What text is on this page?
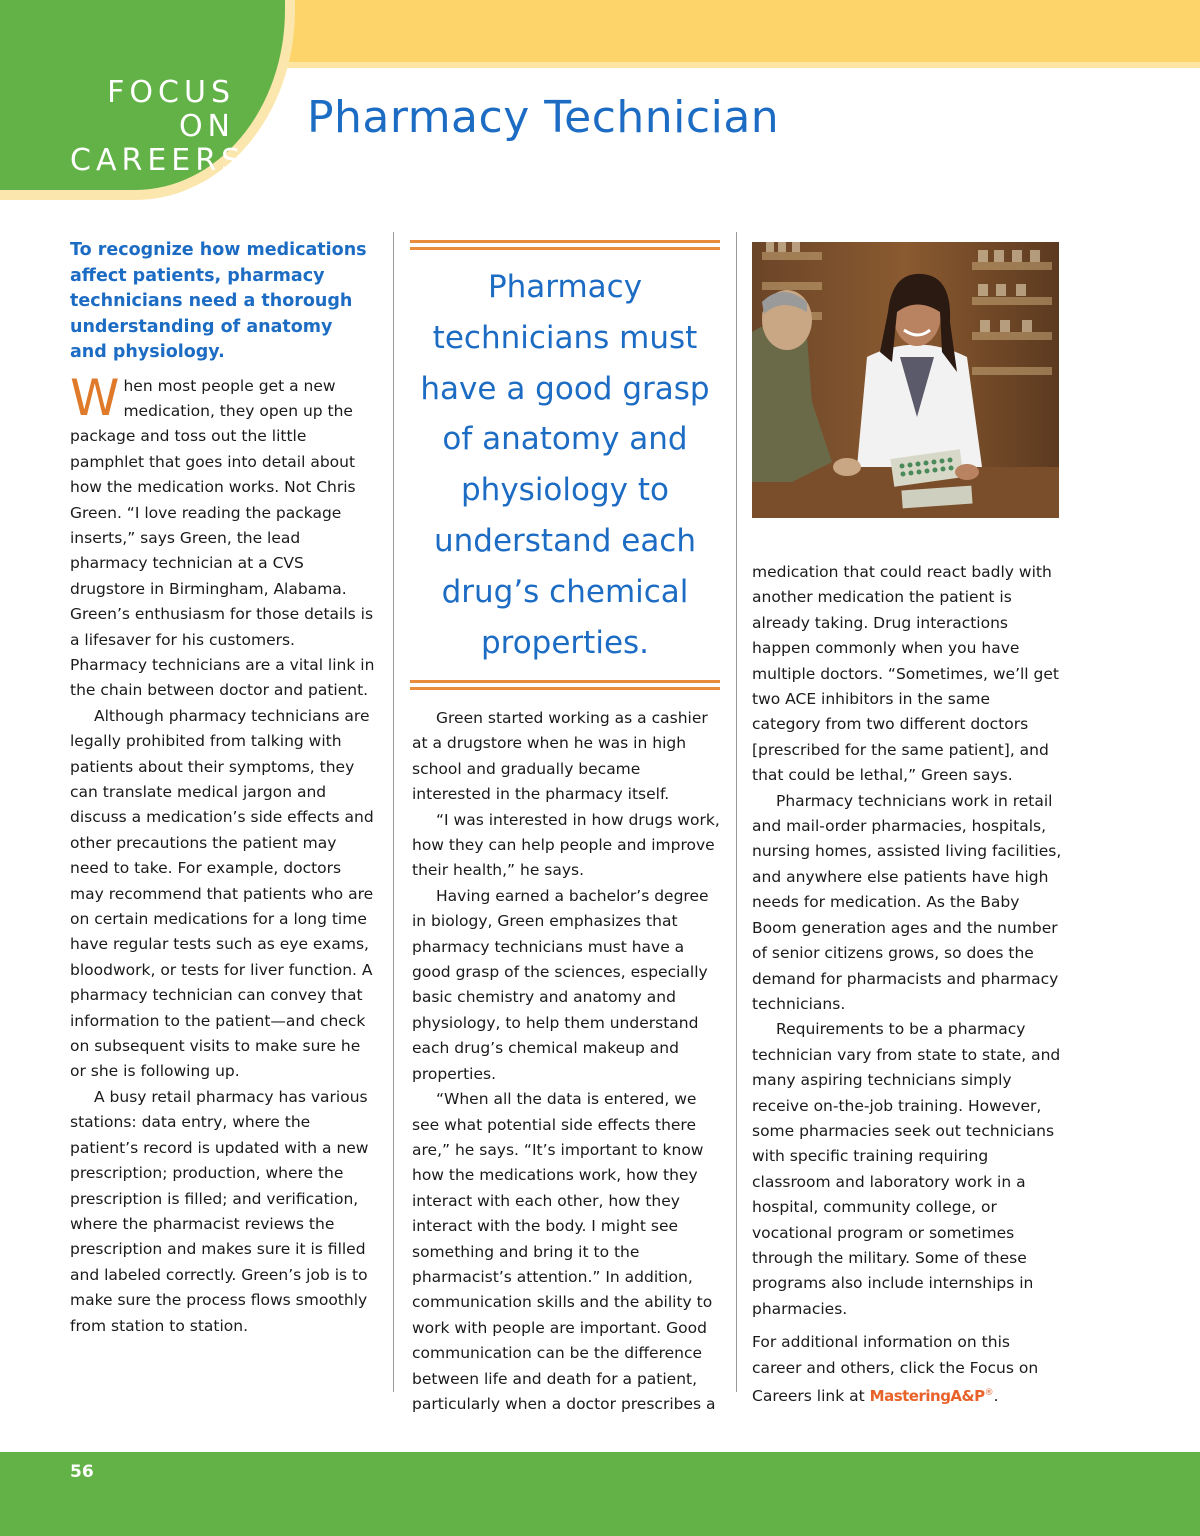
FOCUS
ON
CAREERS
Pharmacy Technician

To recognize how medications affect patients, pharmacy technicians need a thorough understanding of anatomy and physiology.

When most people get a new medication, they open up the package and toss out the little pamphlet that goes into detail about how the medication works. Not Chris Green. “I love reading the package inserts,” says Green, the lead pharmacy technician at a CVS drugstore in Birmingham, Alabama. Green’s enthusiasm for those details is a lifesaver for his customers. Pharmacy technicians are a vital link in the chain between doctor and patient.

Although pharmacy technicians are legally prohibited from talking with patients about their symptoms, they can translate medical jargon and discuss a medication’s side effects and other precautions the patient may need to take. For example, doctors may recommend that patients who are on certain medications for a long time have regular tests such as eye exams, bloodwork, or tests for liver function. A pharmacy technician can convey that information to the patient—and check on subsequent visits to make sure he or she is following up.

A busy retail pharmacy has various stations: data entry, where the patient’s record is updated with a new prescription; production, where the prescription is filled; and verification, where the pharmacist reviews the prescription and makes sure it is filled and labeled correctly. Green’s job is to make sure the process flows smoothly from station to station.

Pharmacy technicians must have a good grasp of anatomy and physiology to understand each drug’s chemical properties.

Green started working as a cashier at a drugstore when he was in high school and gradually became interested in the pharmacy itself.

“I was interested in how drugs work, how they can help people and improve their health,” he says.

Having earned a bachelor’s degree in biology, Green emphasizes that pharmacy technicians must have a good grasp of the sciences, especially basic chemistry and anatomy and physiology, to help them understand each drug’s chemical makeup and properties.

“When all the data is entered, we see what potential side effects there are,” he says. “It’s important to know how the medications work, how they interact with each other, how they interact with the body. I might see something and bring it to the pharmacist’s attention.” In addition, communication skills and the ability to work with people are important. Good communication can be the difference between life and death for a patient, particularly when a doctor prescribes a

medication that could react badly with another medication the patient is already taking. Drug interactions happen commonly when you have multiple doctors. “Sometimes, we’ll get two ACE inhibitors in the same category from two different doctors [prescribed for the same patient], and that could be lethal,” Green says.

Pharmacy technicians work in retail and mail-order pharmacies, hospitals, nursing homes, assisted living facilities, and anywhere else patients have high needs for medication. As the Baby Boom generation ages and the number of senior citizens grows, so does the demand for pharmacists and pharmacy technicians.

Requirements to be a pharmacy technician vary from state to state, and many aspiring technicians simply receive on-the-job training. However, some pharmacies seek out technicians with specific training requiring classroom and laboratory work in a hospital, community college, or vocational program or sometimes through the military. Some of these programs also include internships in pharmacies.

For additional information on this career and others, click the Focus on Careers link at MasteringA&P®.

56
